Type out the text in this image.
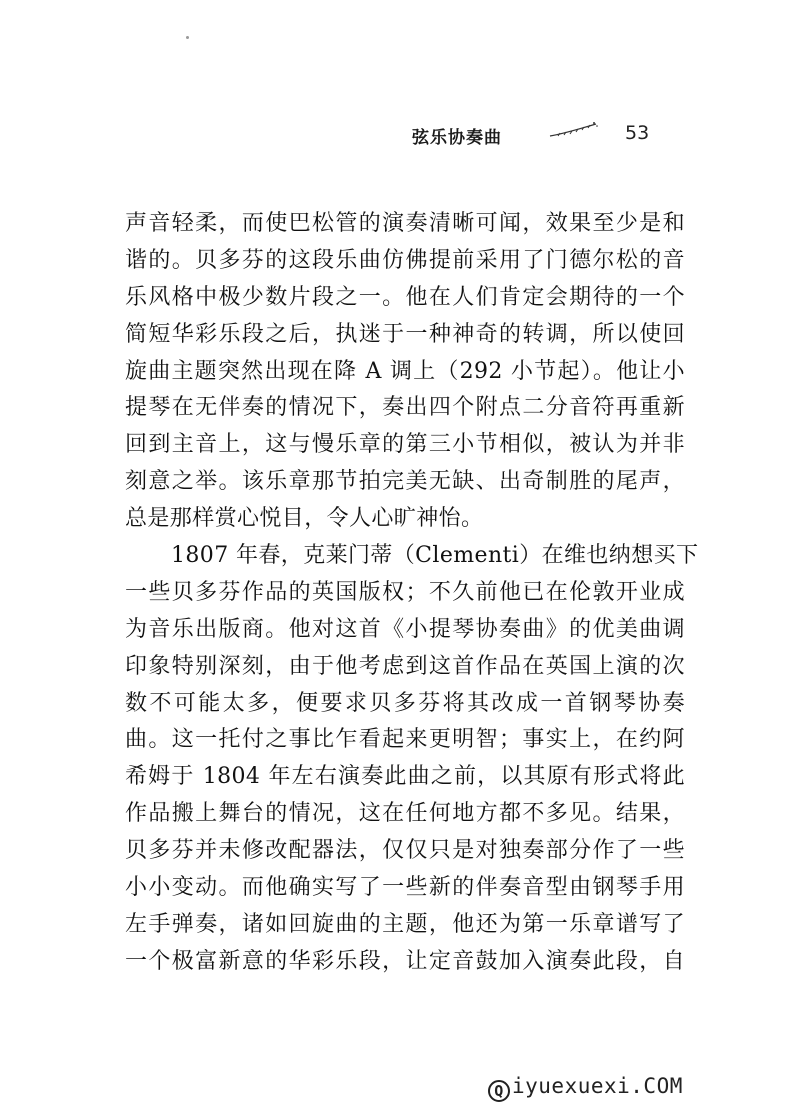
弦乐协奏曲	53
声音轻柔，而使巴松管的演奏清晰可闻，效果至少是和
谐的。贝多芬的这段乐曲仿佛提前采用了门德尔松的音
乐风格中极少数片段之一。他在人们肯定会期待的一个
简短华彩乐段之后，执迷于一种神奇的转调，所以使回
旋曲主题突然出现在降 A 调上（292 小节起）。他让小
提琴在无伴奏的情况下，奏出四个附点二分音符再重新
回到主音上，这与慢乐章的第三小节相似，被认为并非
刻意之举。该乐章那节拍完美无缺、出奇制胜的尾声，
总是那样赏心悦目，令人心旷神怡。
1807 年春，克莱门蒂（Clementi）在维也纳想买下
一些贝多芬作品的英国版权；不久前他已在伦敦开业成
为音乐出版商。他对这首《小提琴协奏曲》的优美曲调
印象特别深刻，由于他考虑到这首作品在英国上演的次
数不可能太多，便要求贝多芬将其改成一首钢琴协奏
曲。这一托付之事比乍看起来更明智；事实上，在约阿
希姆于 1804 年左右演奏此曲之前，以其原有形式将此
作品搬上舞台的情况，这在任何地方都不多见。结果，
贝多芬并未修改配器法，仅仅只是对独奏部分作了一些
小小变动。而他确实写了一些新的伴奏音型由钢琴手用
左手弹奏，诸如回旋曲的主题，他还为第一乐章谱写了
一个极富新意的华彩乐段，让定音鼓加入演奏此段，自
Q iyuexuexi.COM
